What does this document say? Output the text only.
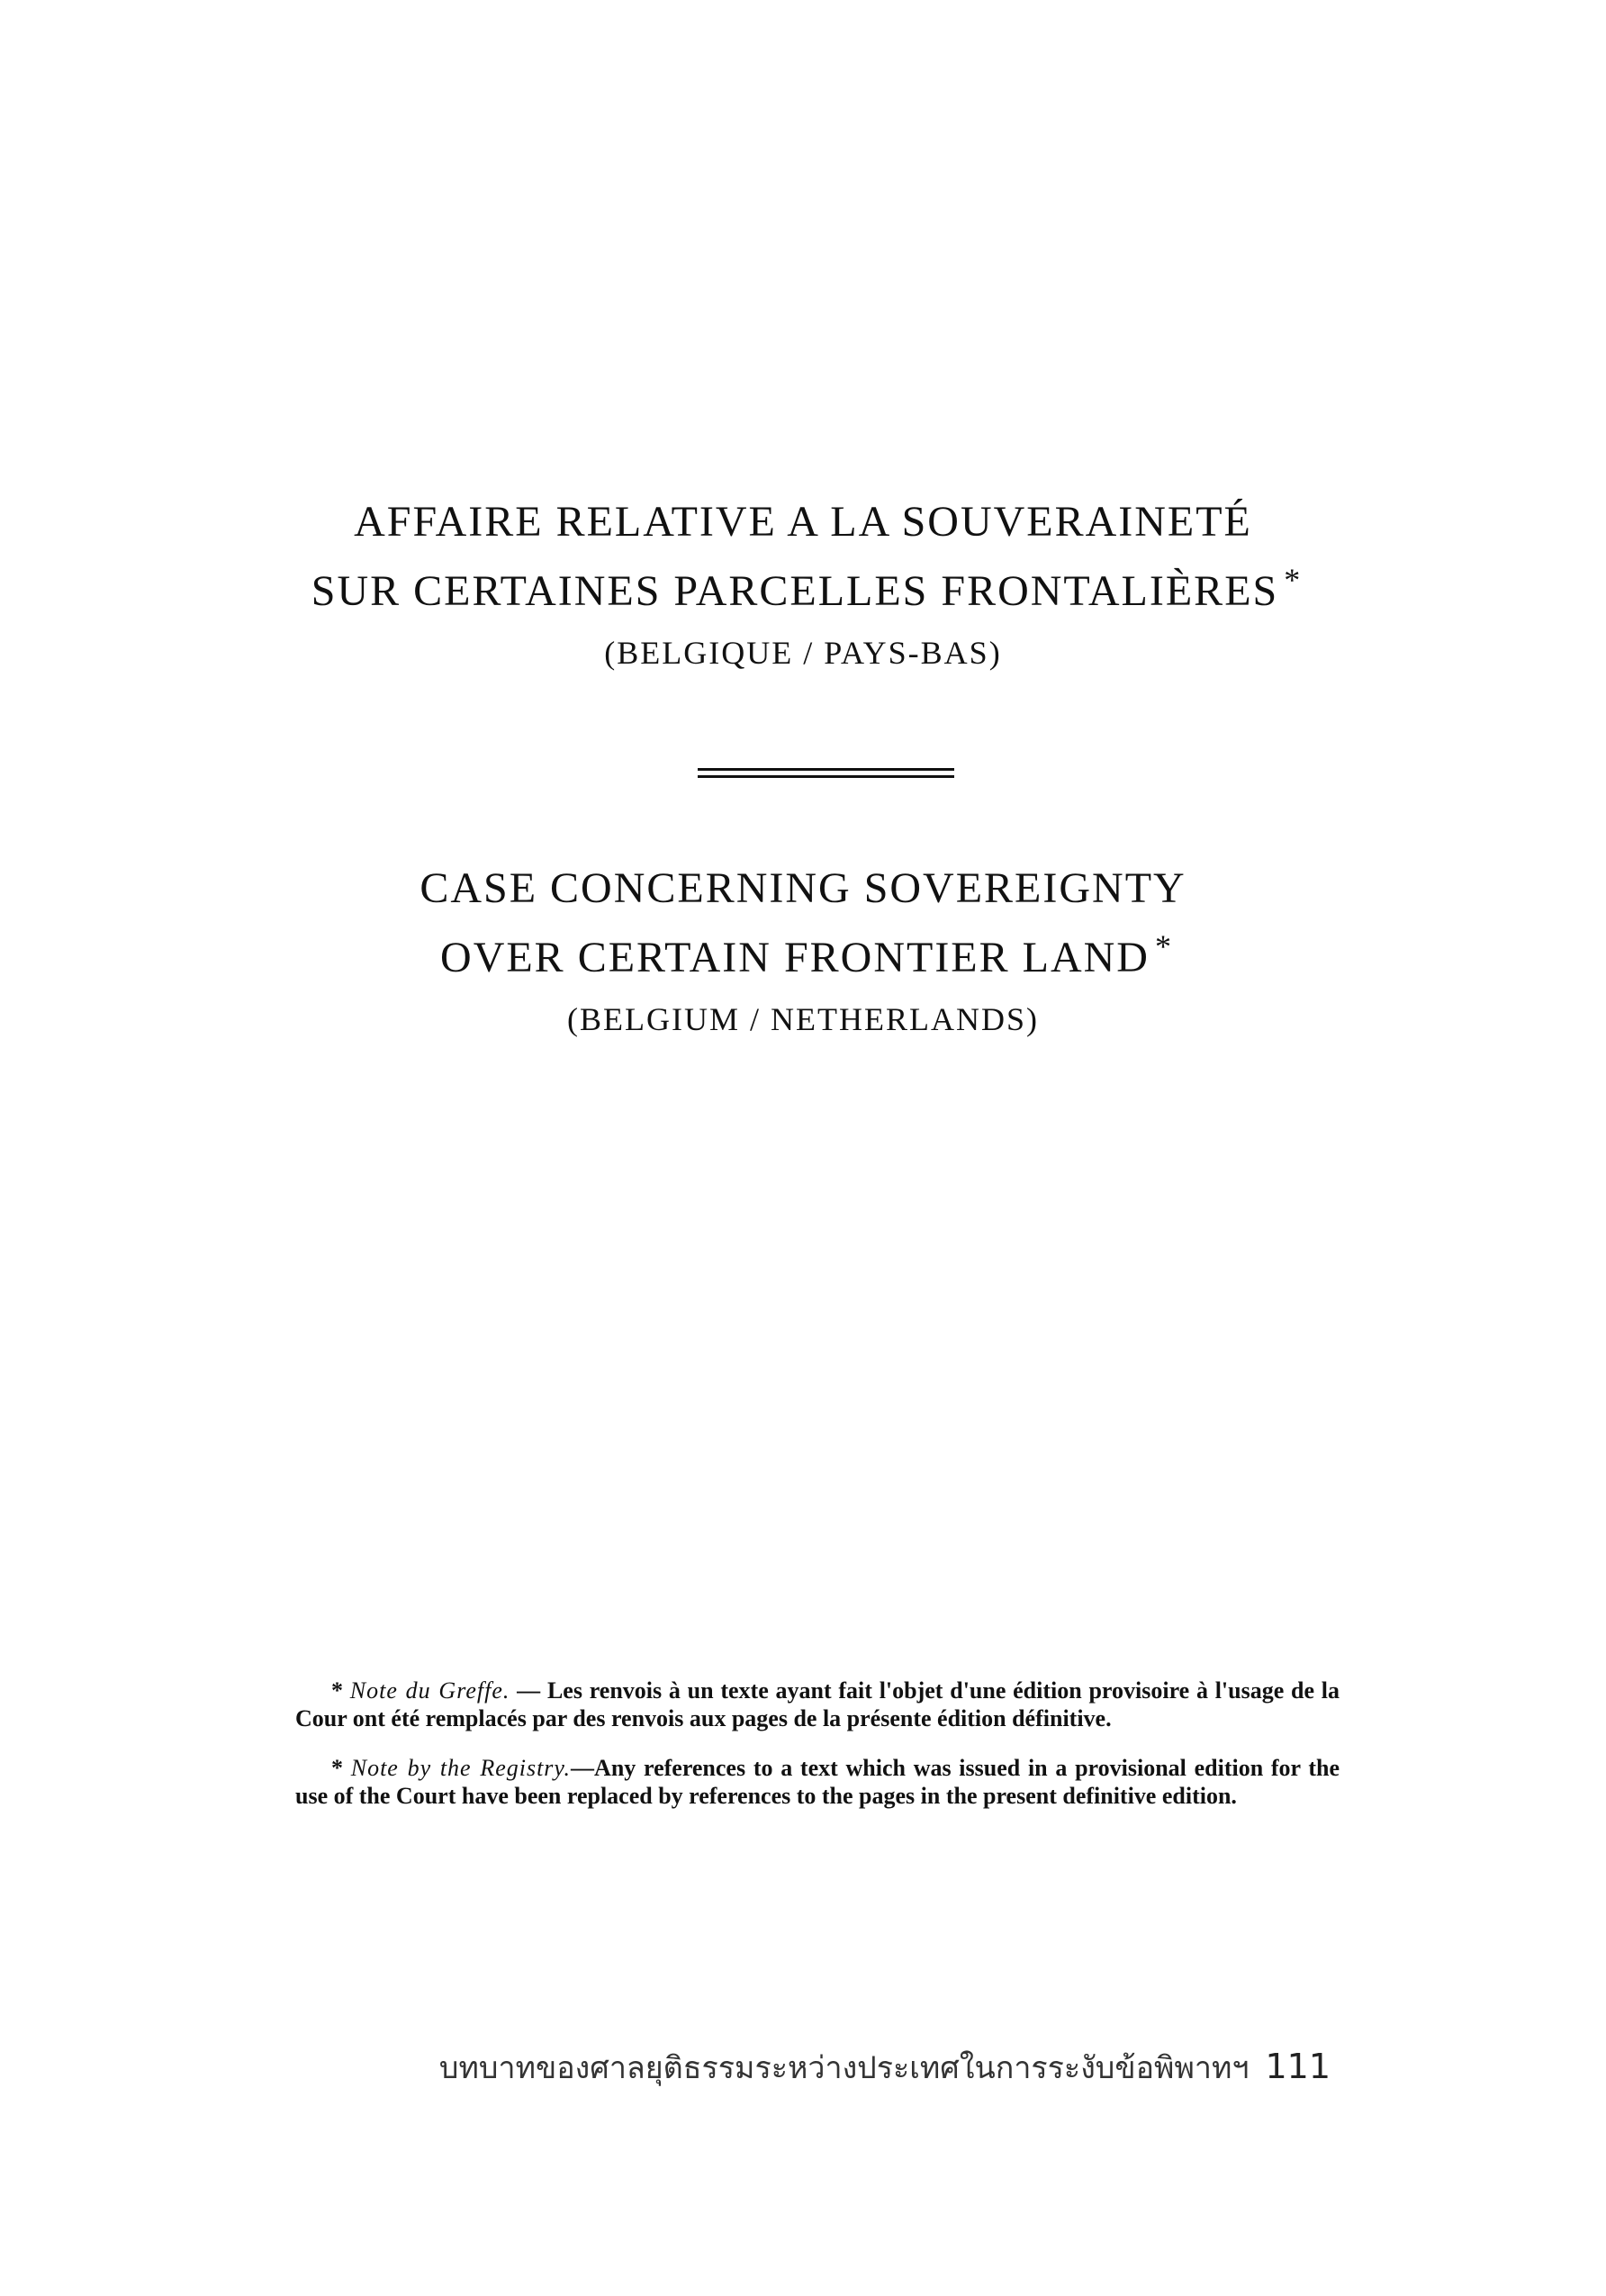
AFFAIRE RELATIVE A LA SOUVERAINETÉ
SUR CERTAINES PARCELLES FRONTALIÈRES *
(BELGIQUE / PAYS-BAS)
CASE CONCERNING SOVEREIGNTY
OVER CERTAIN FRONTIER LAND *
(BELGIUM / NETHERLANDS)

* Note du Greffe. — Les renvois à un texte ayant fait l'objet d'une édition provisoire à l'usage de la Cour ont été remplacés par des renvois aux pages de la présente édition définitive.

* Note by the Registry.—Any references to a text which was issued in a provisional edition for the use of the Court have been replaced by references to the pages in the present definitive edition.

บทบาทของศาลยุติธรรมระหว่างประเทศในการระงับข้อพิพาทฯ 111
